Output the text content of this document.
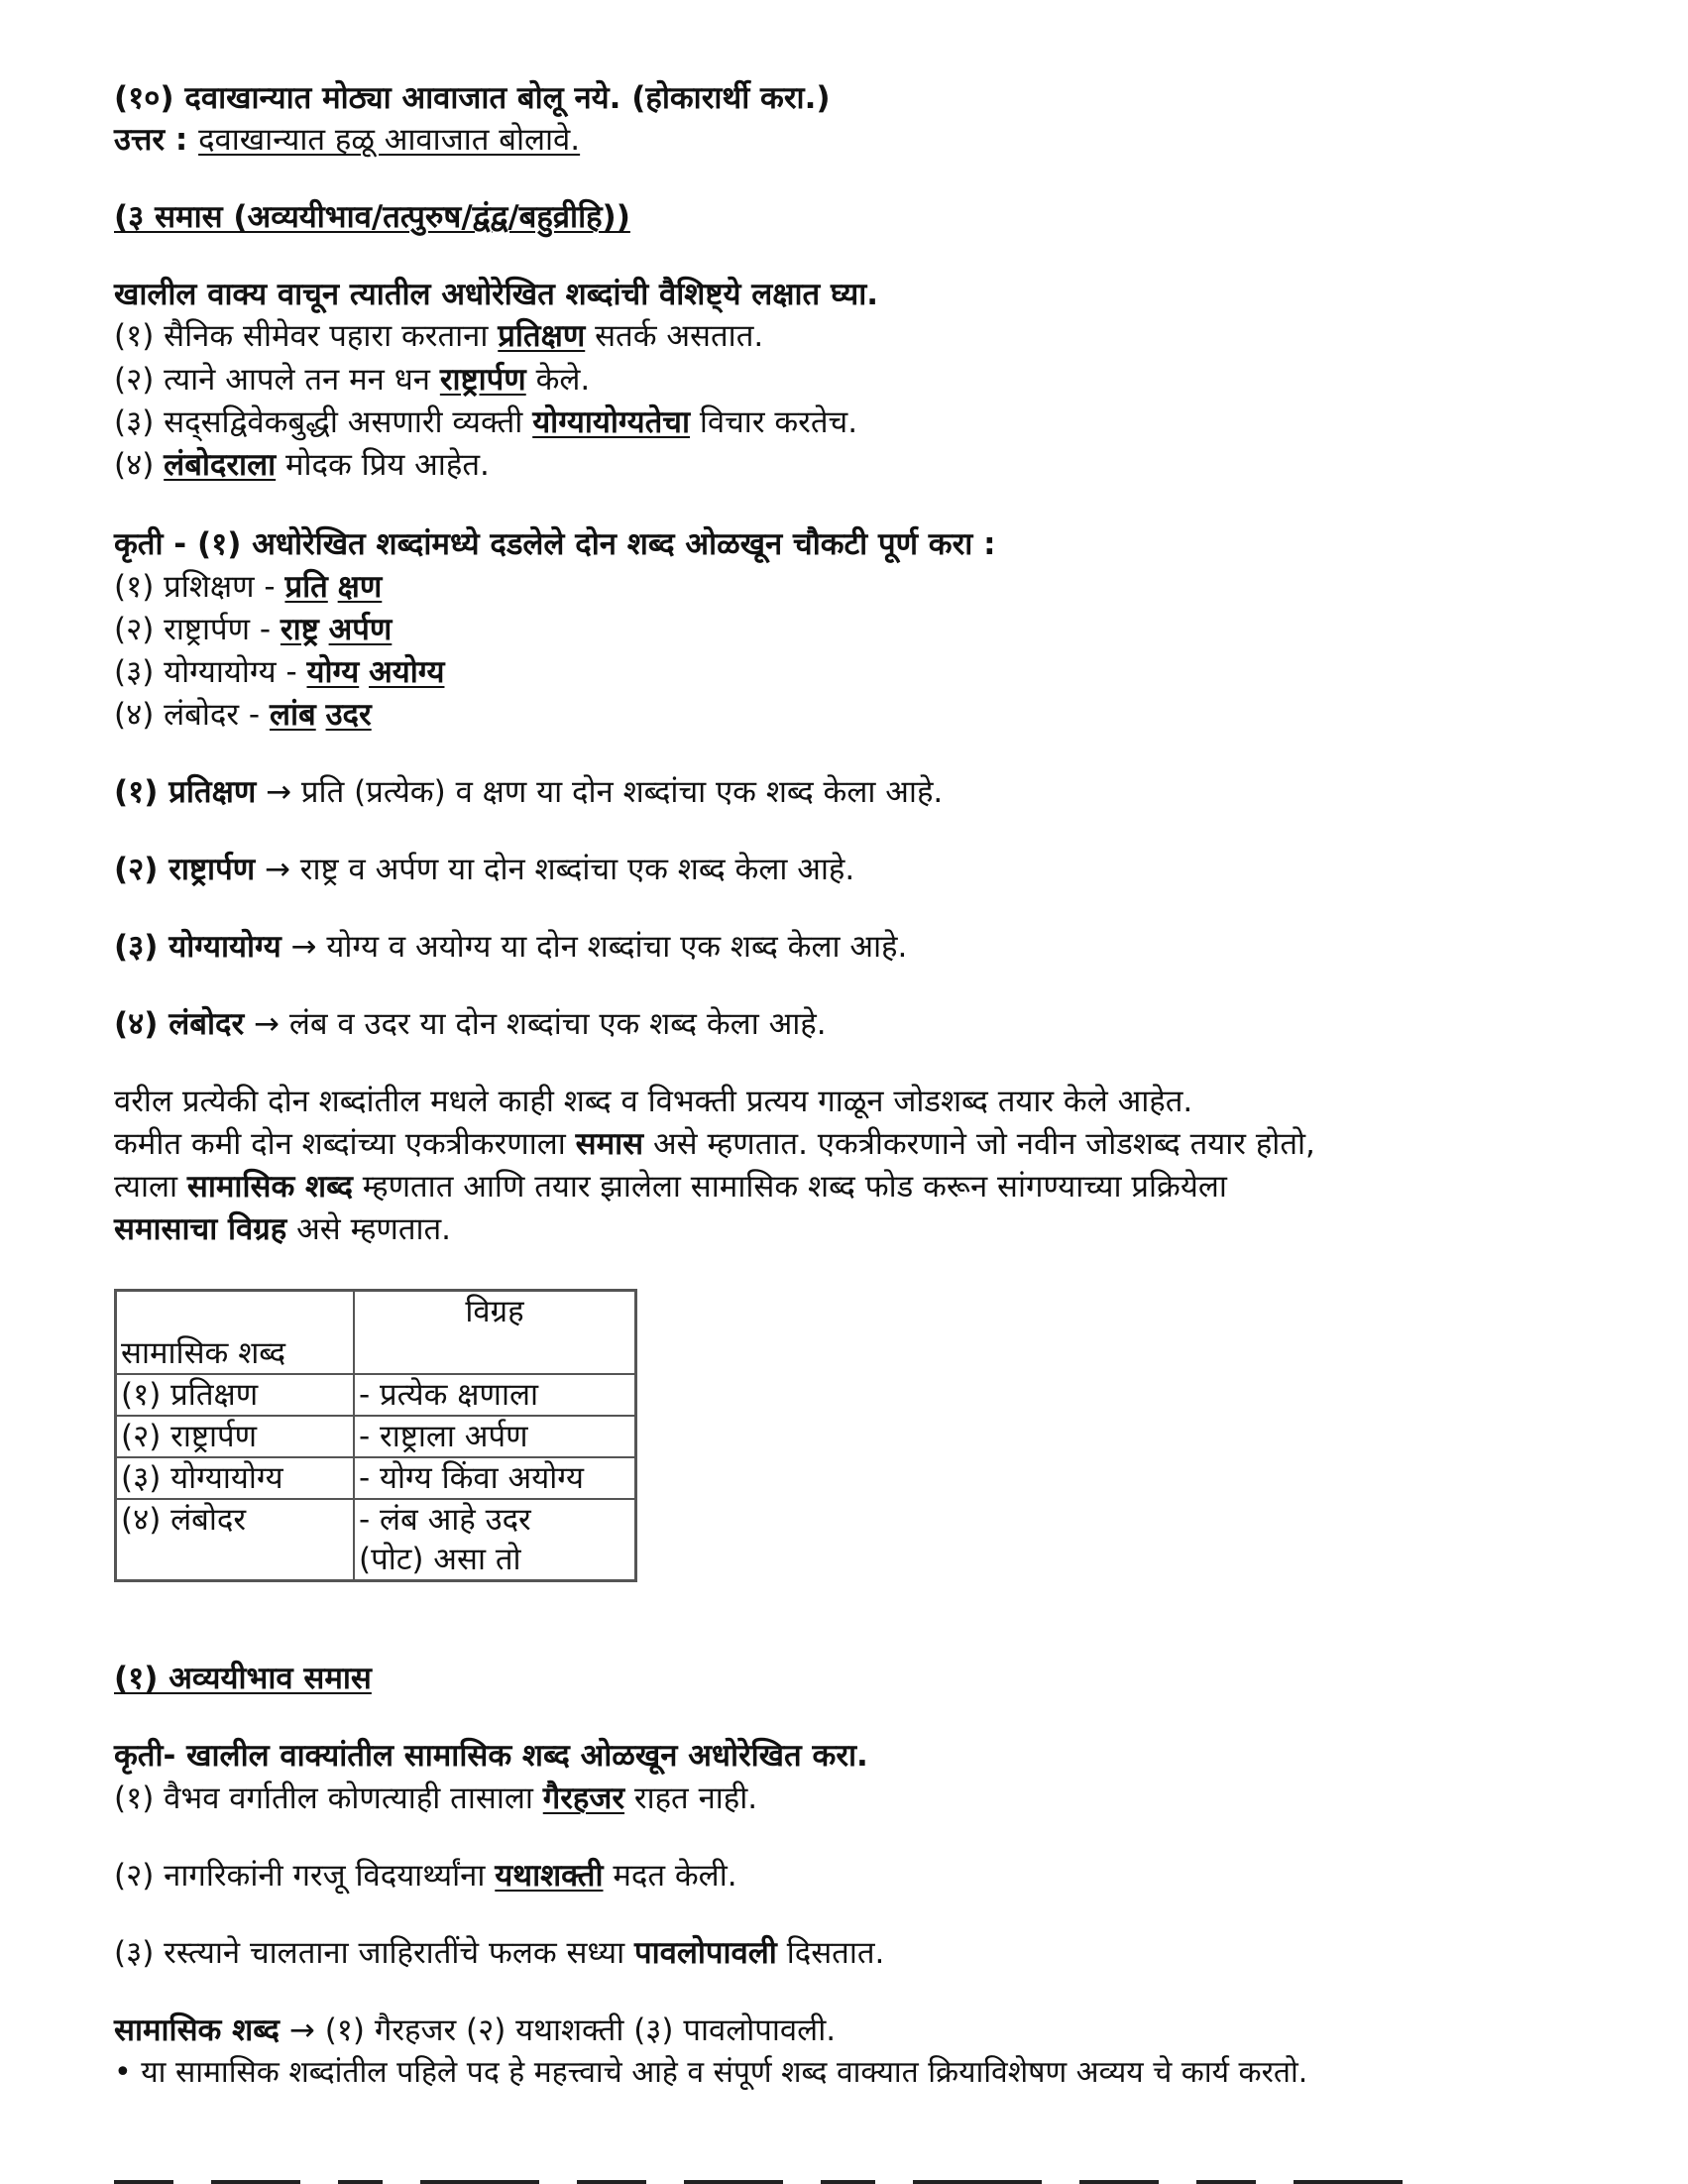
(१०) दवाखान्यात मोठ्या आवाजात बोलू नये. (होकारार्थी करा.)
उत्तर : दवाखान्यात हळू आवाजात बोलावे.
(३ समास (अव्ययीभाव/तत्पुरुष/द्वंद्व/बहुव्रीहि))
खालील वाक्य वाचून त्यातील अधोरेखित शब्दांची वैशिष्ट्ये लक्षात घ्या.
(१) सैनिक सीमेवर पहारा करताना प्रतिक्षण सतर्क असतात.
(२) त्याने आपले तन मन धन राष्ट्रार्पण केले.
(३) सद्सद्विवेकबुद्धी असणारी व्यक्ती योग्यायोग्यतेचा विचार करतेच.
(४) लंबोदराला मोदक प्रिय आहेत.
कृती - (१) अधोरेखित शब्दांमध्ये दडलेले दोन शब्द ओळखून चौकटी पूर्ण करा :
(१) प्रशिक्षण - प्रति क्षण
(२) राष्ट्रार्पण - राष्ट्र अर्पण
(३) योग्यायोग्य - योग्य अयोग्य
(४) लंबोदर - लांब उदर
(१) प्रतिक्षण → प्रति (प्रत्येक) व क्षण या दोन शब्दांचा एक शब्द केला आहे.
(२) राष्ट्रार्पण → राष्ट्र व अर्पण या दोन शब्दांचा एक शब्द केला आहे.
(३) योग्यायोग्य → योग्य व अयोग्य या दोन शब्दांचा एक शब्द केला आहे.
(४) लंबोदर → लंब व उदर या दोन शब्दांचा एक शब्द केला आहे.
वरील प्रत्येकी दोन शब्दांतील मधले काही शब्द व विभक्ती प्रत्यय गाळून जोडशब्द तयार केले आहेत.
कमीत कमी दोन शब्दांच्या एकत्रीकरणाला समास असे म्हणतात. एकत्रीकरणाने जो नवीन जोडशब्द तयार होतो,
त्याला सामासिक शब्द म्हणतात आणि तयार झालेला सामासिक शब्द फोड करून सांगण्याच्या प्रक्रियेला
समासाचा विग्रह असे म्हणतात.
सामासिक शब्द	विग्रह
(१) प्रतिक्षण	- प्रत्येक क्षणाला
(२) राष्ट्रार्पण	- राष्ट्राला अर्पण
(३) योग्यायोग्य	- योग्य किंवा अयोग्य
(४) लंबोदर	- लंब आहे उदर
(पोट) असा तो
(१) अव्ययीभाव समास
कृती- खालील वाक्यांतील सामासिक शब्द ओळखून अधोरेखित करा.
(१) वैभव वर्गातील कोणत्याही तासाला गैरहजर राहत नाही.
(२) नागरिकांनी गरजू विदयार्थ्यांना यथाशक्ती मदत केली.
(३) रस्त्याने चालताना जाहिरातींचे फलक सध्या पावलोपावली दिसतात.
सामासिक शब्द → (१) गैरहजर (२) यथाशक्ती (३) पावलोपावली.
• या सामासिक शब्दांतील पहिले पद हे महत्त्वाचे आहे व संपूर्ण शब्द वाक्यात क्रियाविशेषण अव्यय चे कार्य करतो.
